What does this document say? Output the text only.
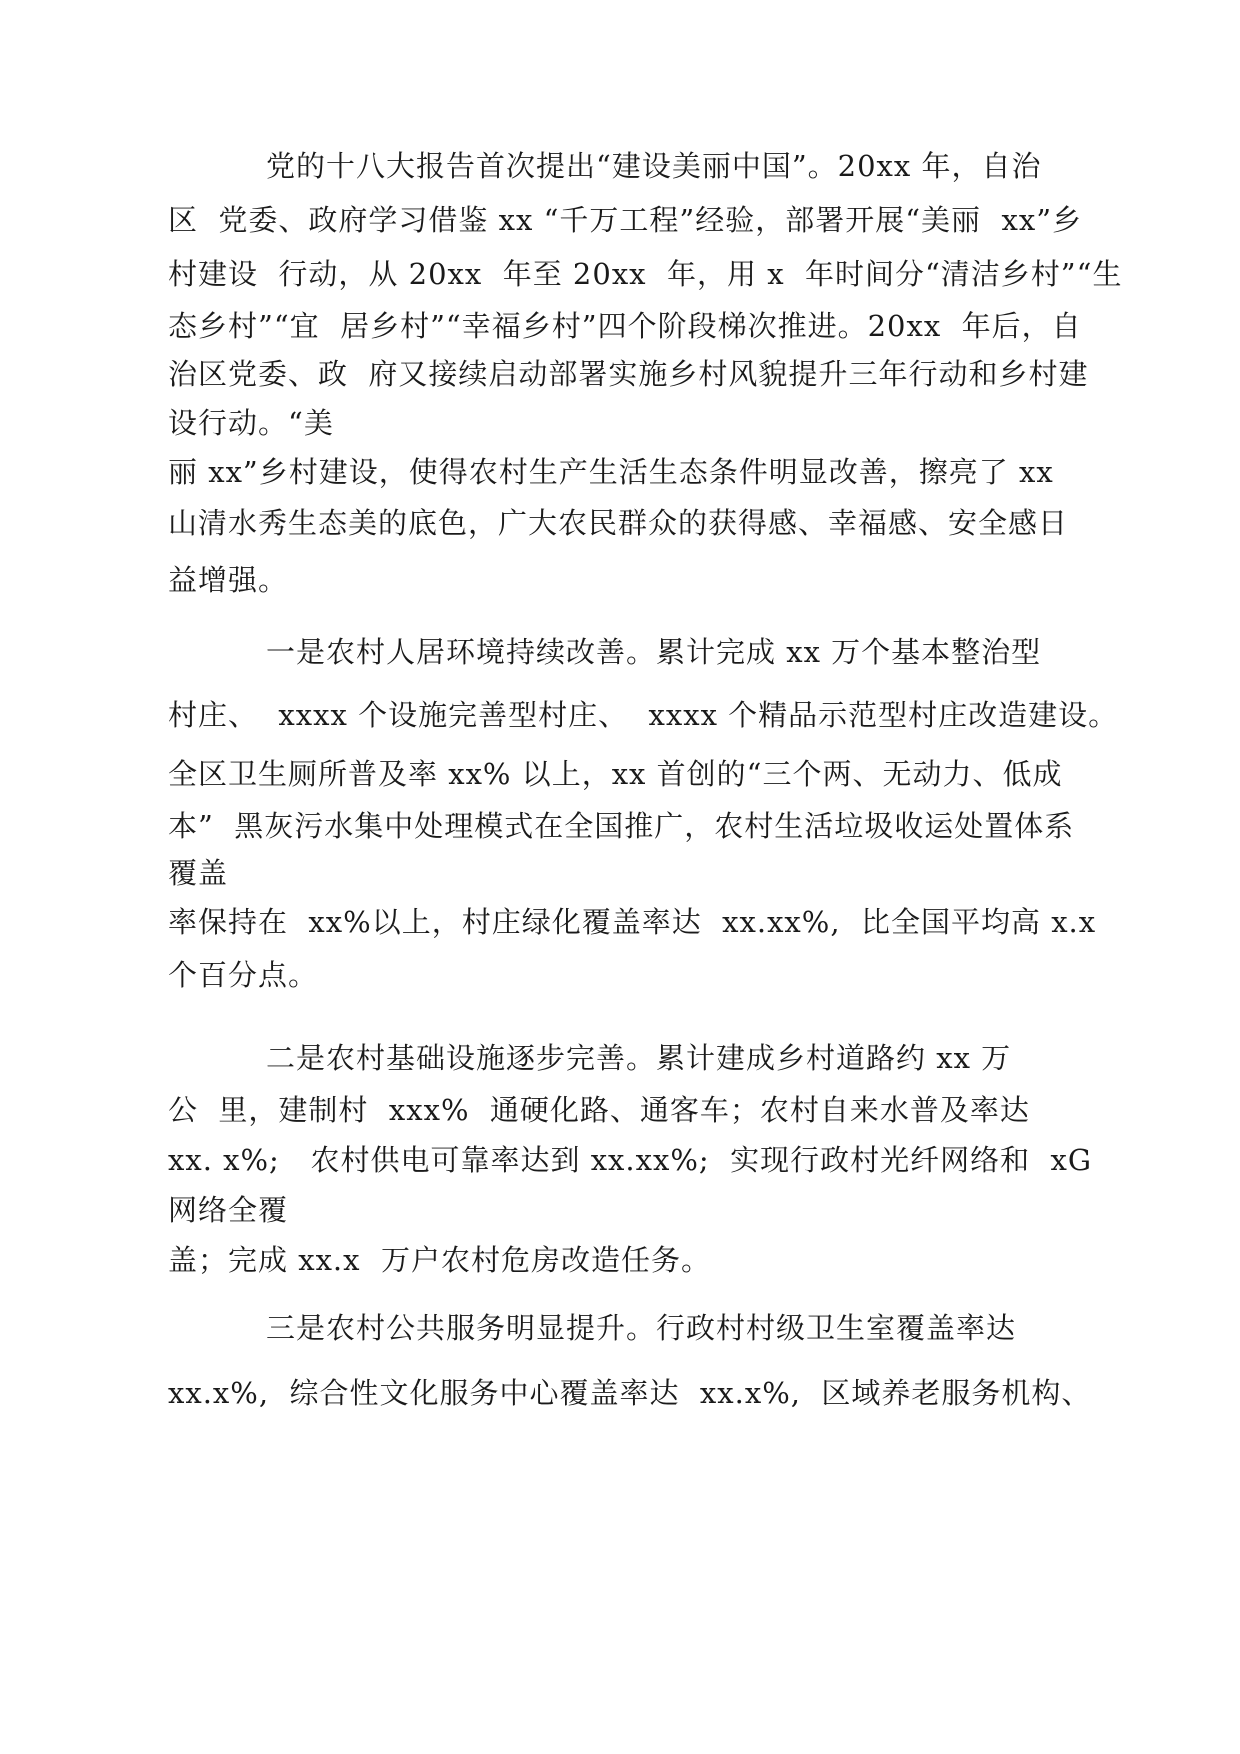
党的十八大报告首次提出“建设美丽中国”。20xx 年，自治
区  党委、政府学习借鉴 xx “千万工程”经验，部署开展“美丽  xx”乡
村建设  行动，从 20xx  年至 20xx  年，用 x  年时间分“清洁乡村”“生
态乡村”“宜  居乡村”“幸福乡村”四个阶段梯次推进。20xx  年后，自
治区党委、政  府又接续启动部署实施乡村风貌提升三年行动和乡村建
设行动。“美
丽 xx”乡村建设，使得农村生产生活生态条件明显改善，擦亮了 xx
山清水秀生态美的底色，广大农民群众的获得感、幸福感、安全感日
益增强。
一是农村人居环境持续改善。累计完成 xx 万个基本整治型
村庄、  xxxx 个设施完善型村庄、  xxxx 个精品示范型村庄改造建设。
全区卫生厕所普及率 xx% 以上，xx 首创的“三个两、无动力、低成
本”  黑灰污水集中处理模式在全国推广，农村生活垃圾收运处置体系
覆盖
率保持在  xx%以上，村庄绿化覆盖率达  xx.xx%,  比全国平均高 x.x
个百分点。
二是农村基础设施逐步完善。累计建成乡村道路约 xx 万
公  里，建制村  xxx%  通硬化路、通客车；农村自来水普及率达
xx. x%;   农村供电可靠率达到 xx.xx%;  实现行政村光纤网络和  xG
网络全覆
盖；完成 xx.x  万户农村危房改造任务。
三是农村公共服务明显提升。行政村村级卫生室覆盖率达
xx.x%,  综合性文化服务中心覆盖率达  xx.x%,  区域养老服务机构、
